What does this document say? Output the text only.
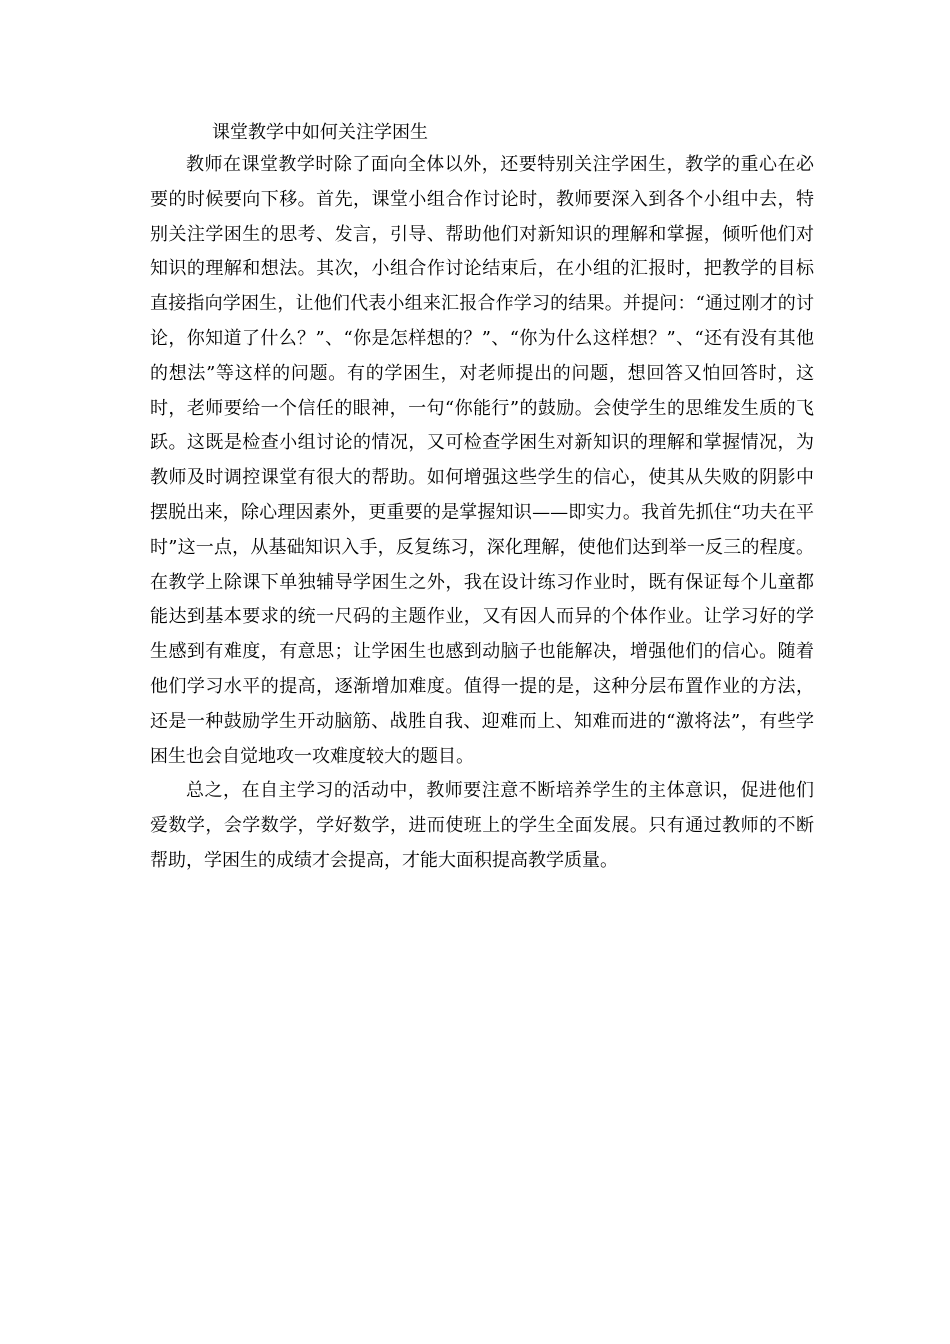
课堂教学中如何关注学困生

教师在课堂教学时除了面向全体以外，还要特别关注学困生，教学的重心在必要的时候要向下移。首先，课堂小组合作讨论时，教师要深入到各个小组中去，特别关注学困生的思考、发言，引导、帮助他们对新知识的理解和掌握，倾听他们对知识的理解和想法。其次，小组合作讨论结束后，在小组的汇报时，把教学的目标直接指向学困生，让他们代表小组来汇报合作学习的结果。并提问：“通过刚才的讨论，你知道了什么？”、“你是怎样想的？”、“你为什么这样想？”、“还有没有其他的想法”等这样的问题。有的学困生，对老师提出的问题，想回答又怕回答时，这时，老师要给一个信任的眼神，一句“你能行”的鼓励。会使学生的思维发生质的飞跃。这既是检查小组讨论的情况，又可检查学困生对新知识的理解和掌握情况，为教师及时调控课堂有很大的帮助。如何增强这些学生的信心，使其从失败的阴影中摆脱出来，除心理因素外，更重要的是掌握知识——即实力。我首先抓住“功夫在平时”这一点，从基础知识入手，反复练习，深化理解，使他们达到举一反三的程度。在教学上除课下单独辅导学困生之外，我在设计练习作业时，既有保证每个儿童都能达到基本要求的统一尺码的主题作业，又有因人而异的个体作业。让学习好的学生感到有难度，有意思；让学困生也感到动脑子也能解决，增强他们的信心。随着他们学习水平的提高，逐渐增加难度。值得一提的是，这种分层布置作业的方法，还是一种鼓励学生开动脑筋、战胜自我、迎难而上、知难而进的“激将法”，有些学困生也会自觉地攻一攻难度较大的题目。

总之，在自主学习的活动中，教师要注意不断培养学生的主体意识，促进他们爱数学，会学数学，学好数学，进而使班上的学生全面发展。只有通过教师的不断帮助，学困生的成绩才会提高，才能大面积提高教学质量。
